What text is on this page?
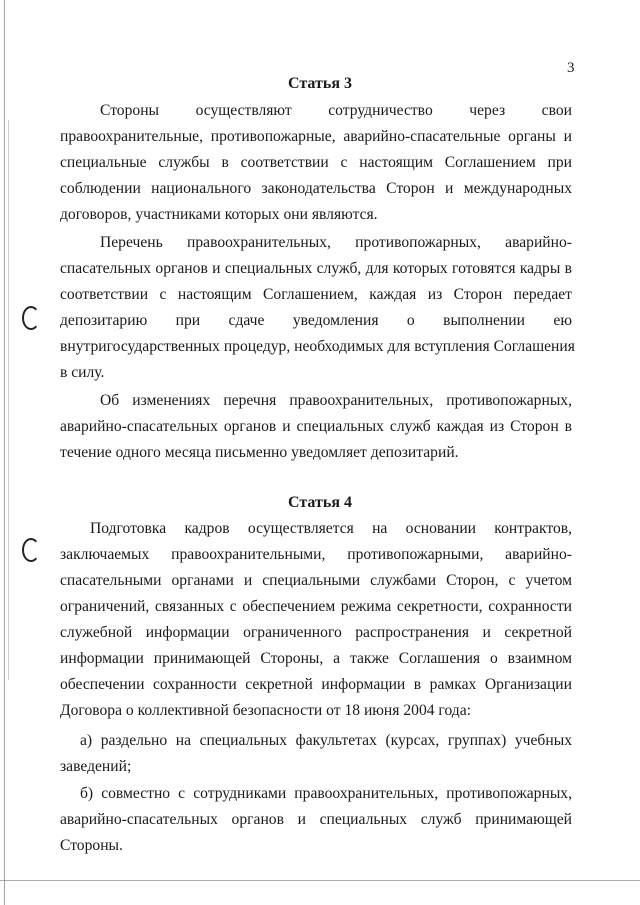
3
Статья 3
Стороны осуществляют сотрудничество через свои
правоохранительные, противопожарные, аварийно-спасательные органы и
специальные службы в соответствии с настоящим Соглашением при
соблюдении национального законодательства Сторон и международных
договоров, участниками которых они являются.
Перечень правоохранительных, противопожарных, аварийно-
спасательных органов и специальных служб, для которых готовятся кадры в
соответствии с настоящим Соглашением, каждая из Сторон передает
депозитарию при сдаче уведомления о выполнении ею
внутригосударственных процедур, необходимых для вступления Соглашения
в силу.
Об изменениях перечня правоохранительных, противопожарных,
аварийно-спасательных органов и специальных служб каждая из Сторон в
течение одного месяца письменно уведомляет депозитарий.
Статья 4
Подготовка кадров осуществляется на основании контрактов,
заключаемых правоохранительными, противопожарными, аварийно-
спасательными органами и специальными службами Сторон, с учетом
ограничений, связанных с обеспечением режима секретности, сохранности
служебной информации ограниченного распространения и секретной
информации принимающей Стороны, а также Соглашения о взаимном
обеспечении сохранности секретной информации в рамках Организации
Договора о коллективной безопасности от 18 июня 2004 года:
а) раздельно на специальных факультетах (курсах, группах) учебных
заведений;
б) совместно с сотрудниками правоохранительных, противопожарных,
аварийно-спасательных органов и специальных служб принимающей
Стороны.
